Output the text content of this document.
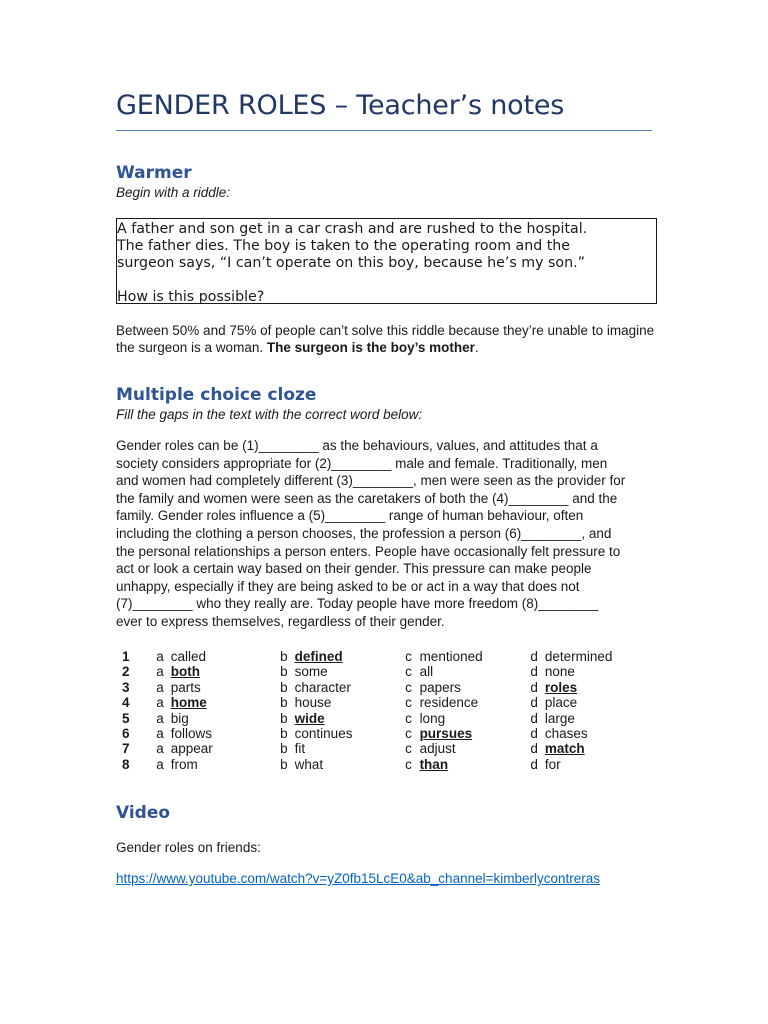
GENDER ROLES – Teacher’s notes
Warmer

Begin with a riddle:

A father and son get in a car crash and are rushed to the hospital.

The father dies. The boy is taken to the operating room and the

surgeon says, “I can’t operate on this boy, because he’s my son.”

How is this possible?

Between 50% and 75% of people can’t solve this riddle because they’re unable to imagine the surgeon is a woman. The surgeon is the boy’s mother.

Multiple choice cloze

Fill the gaps in the text with the correct word below:

Gender roles can be (1)________ as the behaviours, values, and attitudes that a
society considers appropriate for (2)________ male and female. Traditionally, men
and women had completely different (3)________, men were seen as the provider for
the family and women were seen as the caretakers of both the (4)________ and the
family. Gender roles influence a (5)________ range of human behaviour, often
including the clothing a person chooses, the profession a person (6)________, and
the personal relationships a person enters. People have occasionally felt pressure to
act or look a certain way based on their gender. This pressure can make people
unhappy, especially if they are being asked to be or act in a way that does not
(7)________ who they really are. Today people have more freedom (8)________
ever to express themselves, regardless of their gender.
1	a	called	b	defined	c	mentioned	d	determined
2	a	both	b	some	c	all	d	none
3	a	parts	b	character	c	papers	d	roles
4	a	home	b	house	c	residence	d	place
5	a	big	b	wide	c	long	d	large
6	a	follows	b	continues	c	pursues	d	chases
7	a	appear	b	fit	c	adjust	d	match
8	a	from	b	what	c	than	d	for
Video

Gender roles on friends:

https://www.youtube.com/watch?v=yZ0fb15LcE0&ab_channel=kimberlycontreras
